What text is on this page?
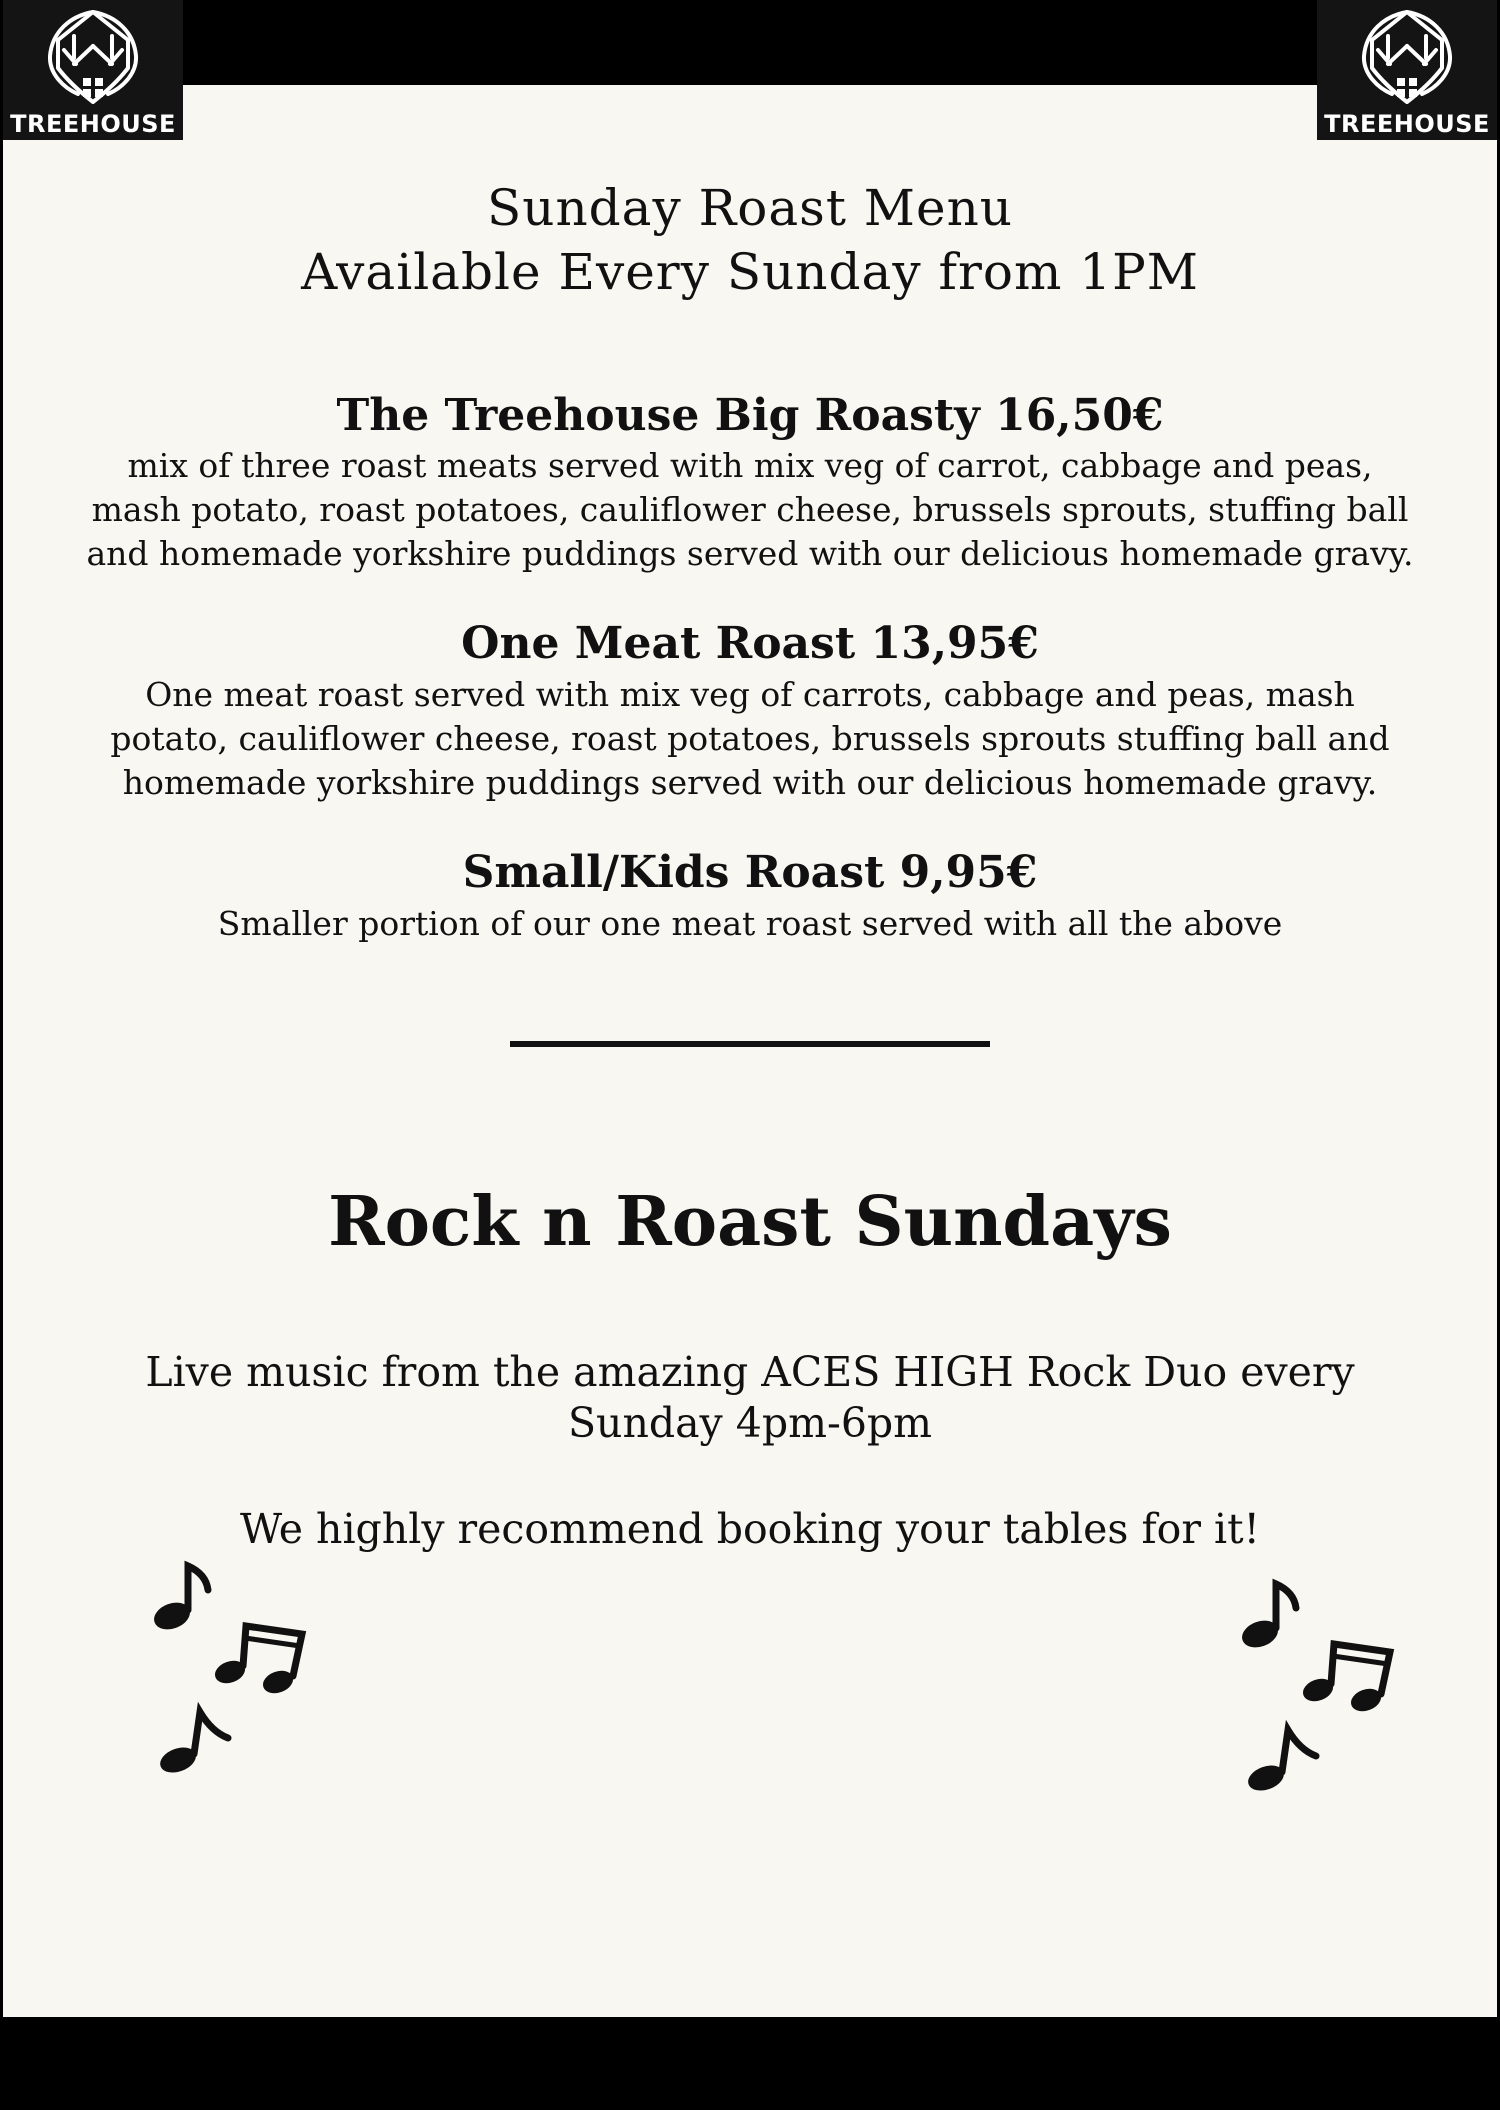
TREEHOUSE	TREEHOUSE
Sunday Roast Menu
Available Every Sunday from 1PM
The Treehouse Big Roasty 16,50€
mix of three roast meats served with mix veg of carrot, cabbage and peas,
mash potato, roast potatoes, cauliflower cheese, brussels sprouts, stuffing ball
and homemade yorkshire puddings served with our delicious homemade gravy.
One Meat Roast 13,95€
One meat roast served with mix veg of carrots, cabbage and peas, mash
potato, cauliflower cheese, roast potatoes, brussels sprouts stuffing ball and
homemade yorkshire puddings served with our delicious homemade gravy.
Small/Kids Roast 9,95€
Smaller portion of our one meat roast served with all the above
Rock n Roast Sundays
Live music from the amazing ACES HIGH Rock Duo every
Sunday 4pm-6pm
We highly recommend booking your tables for it!
